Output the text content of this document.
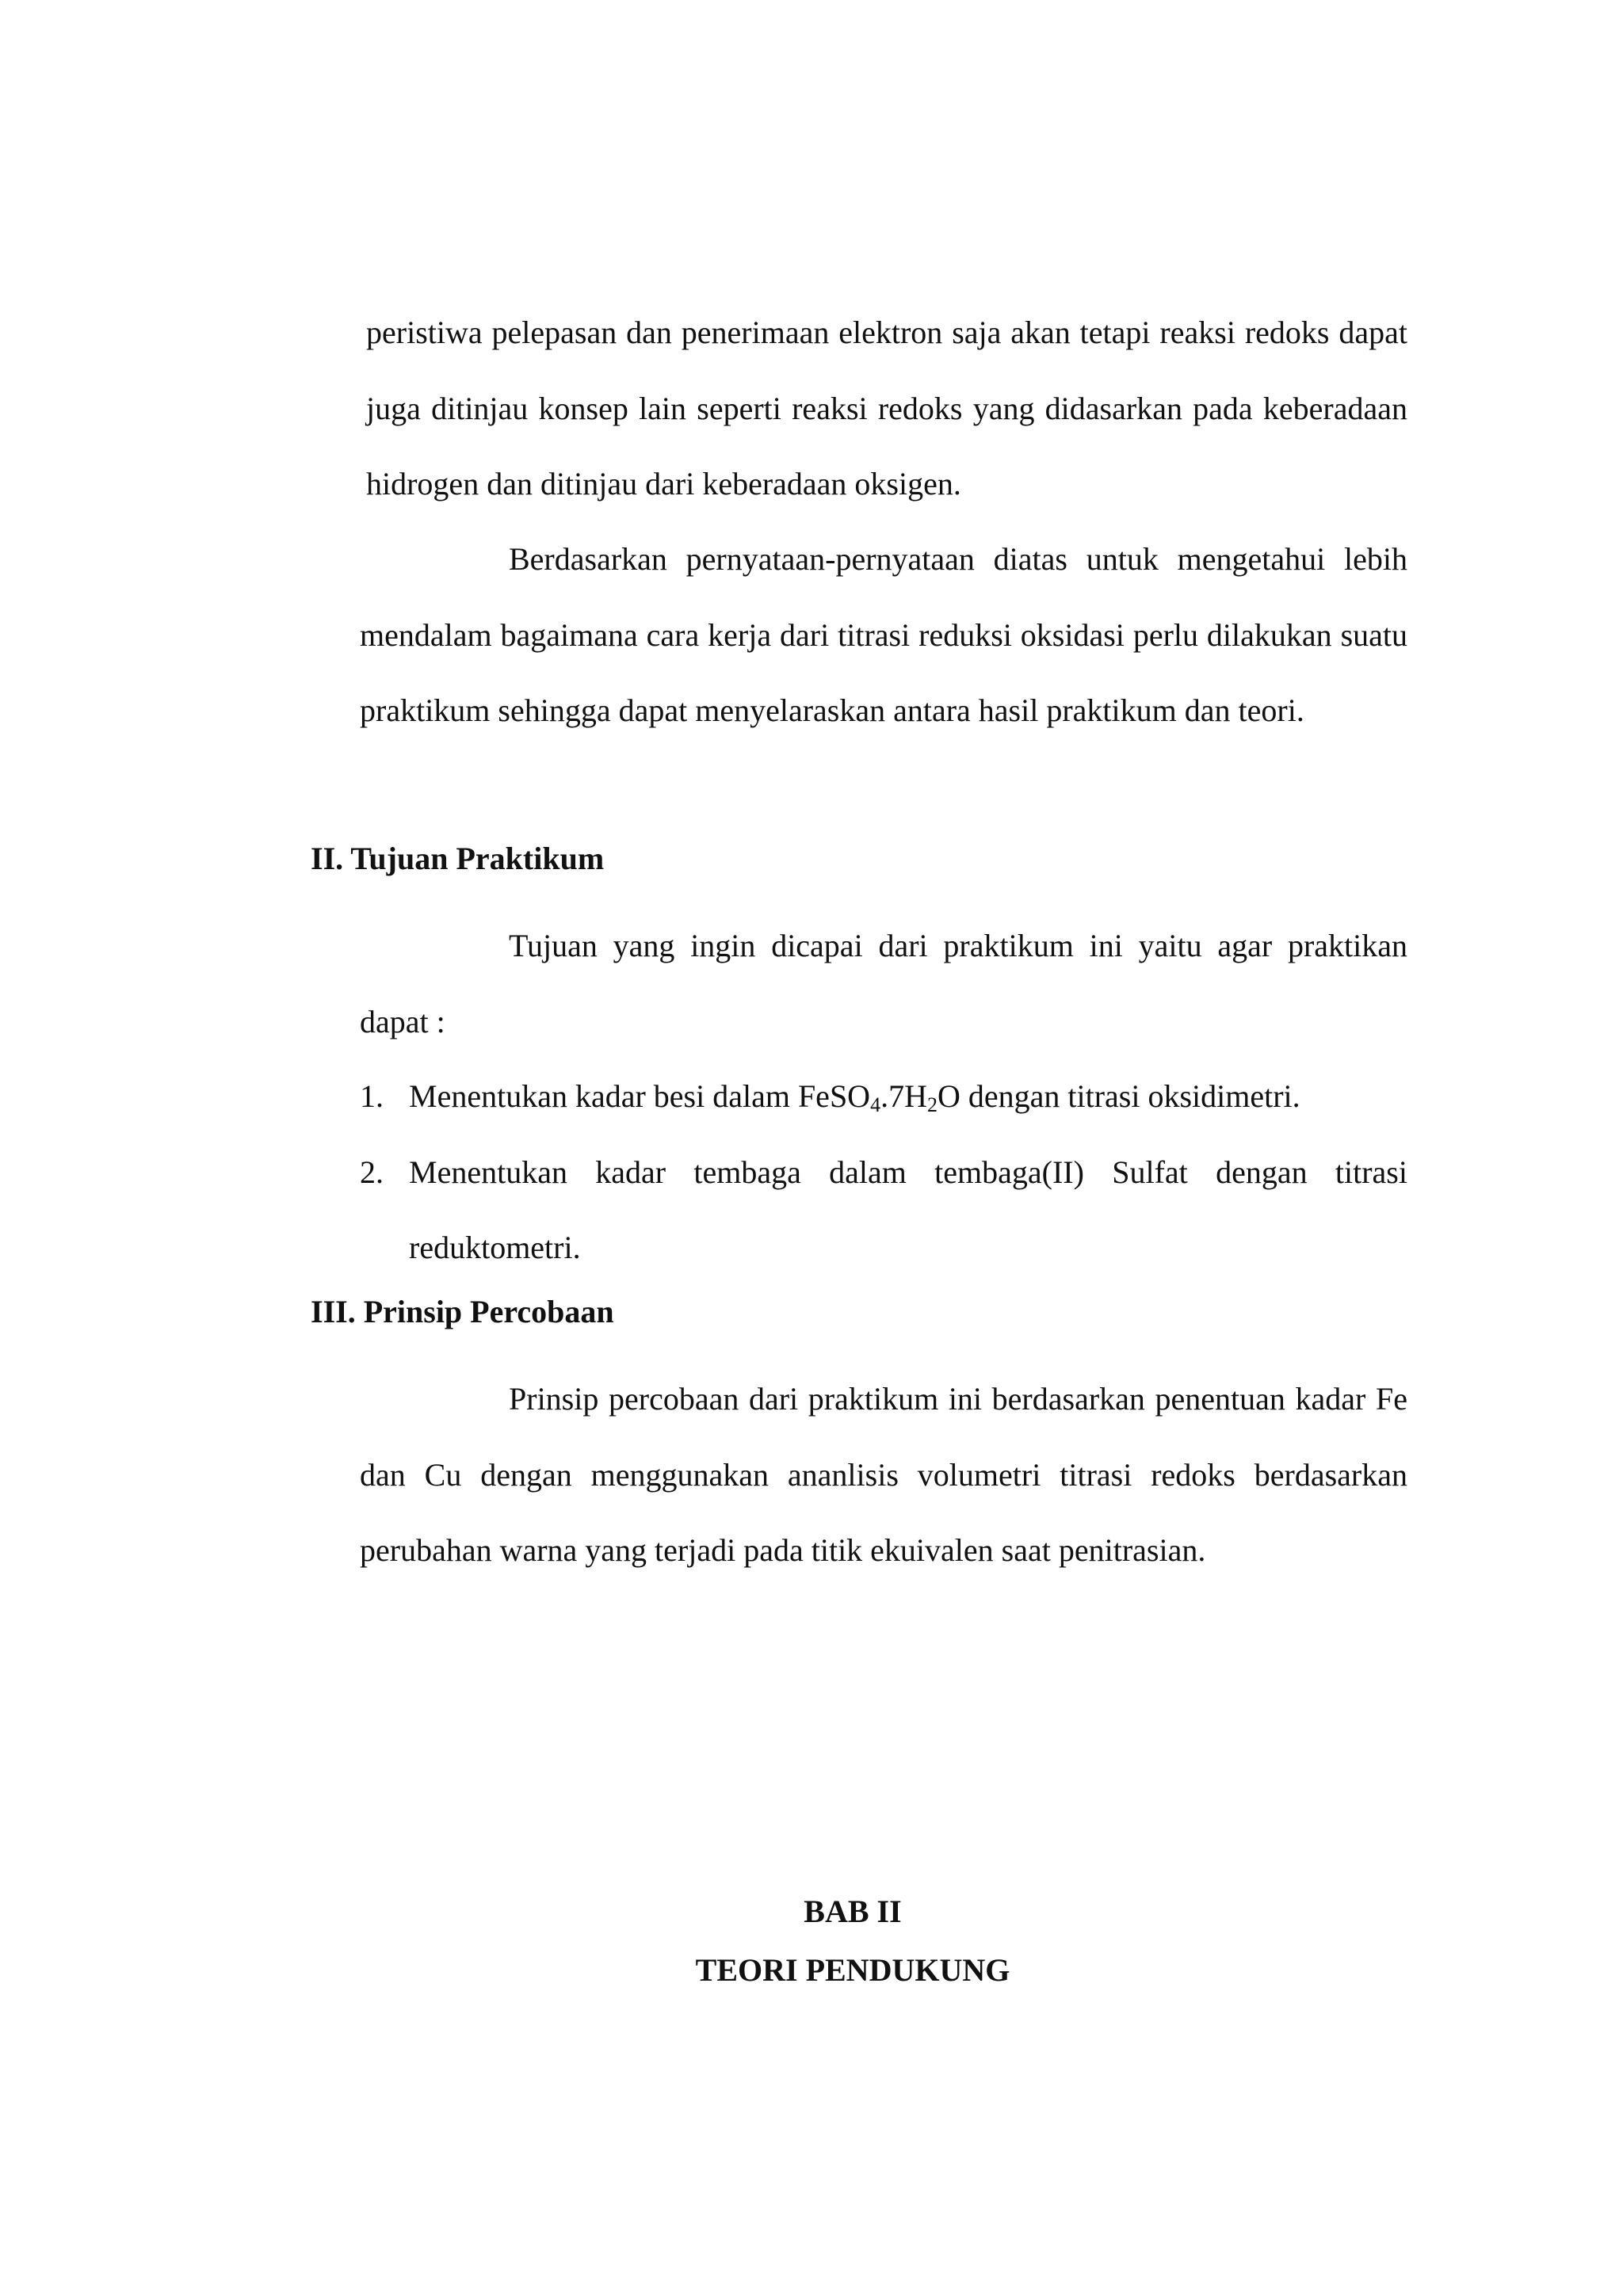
peristiwa pelepasan dan penerimaan elektron saja akan tetapi reaksi redoks dapat juga ditinjau konsep lain seperti reaksi redoks yang didasarkan pada keberadaan hidrogen dan ditinjau dari keberadaan oksigen.

Berdasarkan pernyataan-pernyataan diatas untuk mengetahui lebih mendalam bagaimana cara kerja dari titrasi reduksi oksidasi perlu dilakukan suatu praktikum sehingga dapat menyelaraskan antara hasil praktikum dan teori.

II. Tujuan Praktikum

Tujuan yang ingin dicapai dari praktikum ini yaitu agar praktikan dapat :

1. Menentukan kadar besi dalam $FeSO_4.7H_2O$ dengan titrasi oksidimetri.
2. Menentukan kadar tembaga dalam tembaga(II) Sulfat dengan titrasi reduktometri.
III. Prinsip Percobaan

Prinsip percobaan dari praktikum ini berdasarkan penentuan kadar Fe dan Cu dengan menggunakan ananlisis volumetri titrasi redoks berdasarkan perubahan warna yang terjadi pada titik ekuivalen saat penitrasian.

BAB II
TEORI PENDUKUNG
